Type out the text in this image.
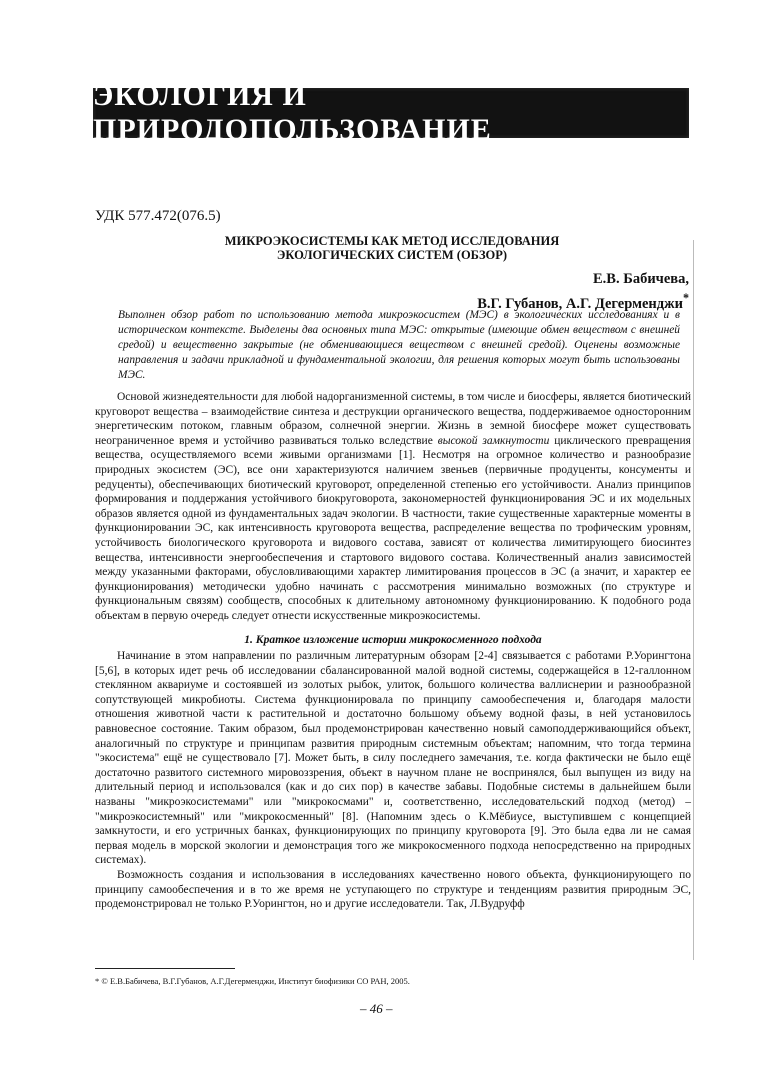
ЭКОЛОГИЯ И ПРИРОДОПОЛЬЗОВАНИЕ
УДК 577.472(076.5)
МИКРОЭКОСИСТЕМЫ КАК МЕТОД ИССЛЕДОВАНИЯ
ЭКОЛОГИЧЕСКИХ СИСТЕМ (ОБЗОР)
Е.В. Бабичева,
В.Г. Губанов, А.Г. Дегерменджи*
Выполнен обзор работ по использованию метода микроэкосистем (МЭС) в экологических исследованиях и в историческом контексте. Выделены два основных типа МЭС: открытые (имеющие обмен веществом с внешней средой) и вещественно закрытые (не обменивающиеся веществом с внешней средой). Оценены возможные направления и задачи прикладной и фундаментальной экологии, для решения которых могут быть использованы МЭС.

Основой жизнедеятельности для любой надорганизменной системы, в том числе и биосферы, является биотический круговорот вещества – взаимодействие синтеза и деструкции органического вещества, поддерживаемое односторонним энергетическим потоком, главным образом, солнечной энергии. Жизнь в земной биосфере может существовать неограниченное время и устойчиво развиваться только вследствие высокой замкнутости циклического превращения вещества, осуществляемого всеми живыми организмами [1]. Несмотря на огромное количество и разнообразие природных экосистем (ЭС), все они характеризуются наличием звеньев (первичные продуценты, консументы и редуценты), обеспечивающих биотический круговорот, определенной степенью его устойчивости. Анализ принципов формирования и поддержания устойчивого биокруговорота, закономерностей функционирования ЭС и их модельных образов является одной из фундаментальных задач экологии. В частности, такие существенные характерные моменты в функционировании ЭС, как интенсивность круговорота вещества, распределение вещества по трофическим уровням, устойчивость биологического круговорота и видового состава, зависят от количества лимитирующего биосинтез вещества, интенсивности энергообеспечения и стартового видового состава. Количественный анализ зависимостей между указанными факторами, обусловливающими характер лимитирования процессов в ЭС (а значит, и характер ее функционирования) методически удобно начинать с рассмотрения минимально возможных (по структуре и функциональным связям) сообществ, способных к длительному автономному функционированию. К подобного рода объектам в первую очередь следует отнести искусственные микроэкосистемы.

1. Краткое изложение истории микрокосменного подхода

Начинание в этом направлении по различным литературным обзорам [2-4] связывается с работами Р.Уорингтона [5,6], в которых идет речь об исследовании сбалансированной малой водной системы, содержащейся в 12-галлонном стеклянном аквариуме и состоявшей из золотых рыбок, улиток, большого количества валлиснерии и разнообразной сопутствующей микробиоты. Система функционировала по принципу самообеспечения и, благодаря малости отношения животной части к растительной и достаточно большому объему водной фазы, в ней установилось равновесное состояние. Таким образом, был продемонстрирован качественно новый самоподдерживающийся объект, аналогичный по структуре и принципам развития природным системным объектам; напомним, что тогда термина "экосистема" ещё не существовало [7]. Может быть, в силу последнего замечания, т.е. когда фактически не было ещё достаточно развитого системного мировоззрения, объект в научном плане не воспринялся, был выпущен из виду на длительный период и использовался (как и до сих пор) в качестве забавы. Подобные системы в дальнейшем были названы "микроэкосистемами" или "микрокосмами" и, соответственно, исследовательский подход (метод) – "микроэкосистемный" или "микрокосменный" [8]. (Напомним здесь о К.Мёбиусе, выступившем с концепцией замкнутости, и его устричных банках, функционирующих по принципу круговорота [9]. Это была едва ли не самая первая модель в морской экологии и демонстрация того же микрокосменного подхода непосредственно на природных системах).

Возможность создания и использования в исследованиях качественно нового объекта, функционирующего по принципу самообеспечения и в то же время не уступающего по структуре и тенденциям развития природным ЭС, продемонстрировал не только Р.Уорингтон, но и другие исследователи. Так, Л.Вудруфф

* © Е.В.Бабичева, В.Г.Губанов, А.Г.Дегерменджи, Институт биофизики СО РАН, 2005.
– 46 –
